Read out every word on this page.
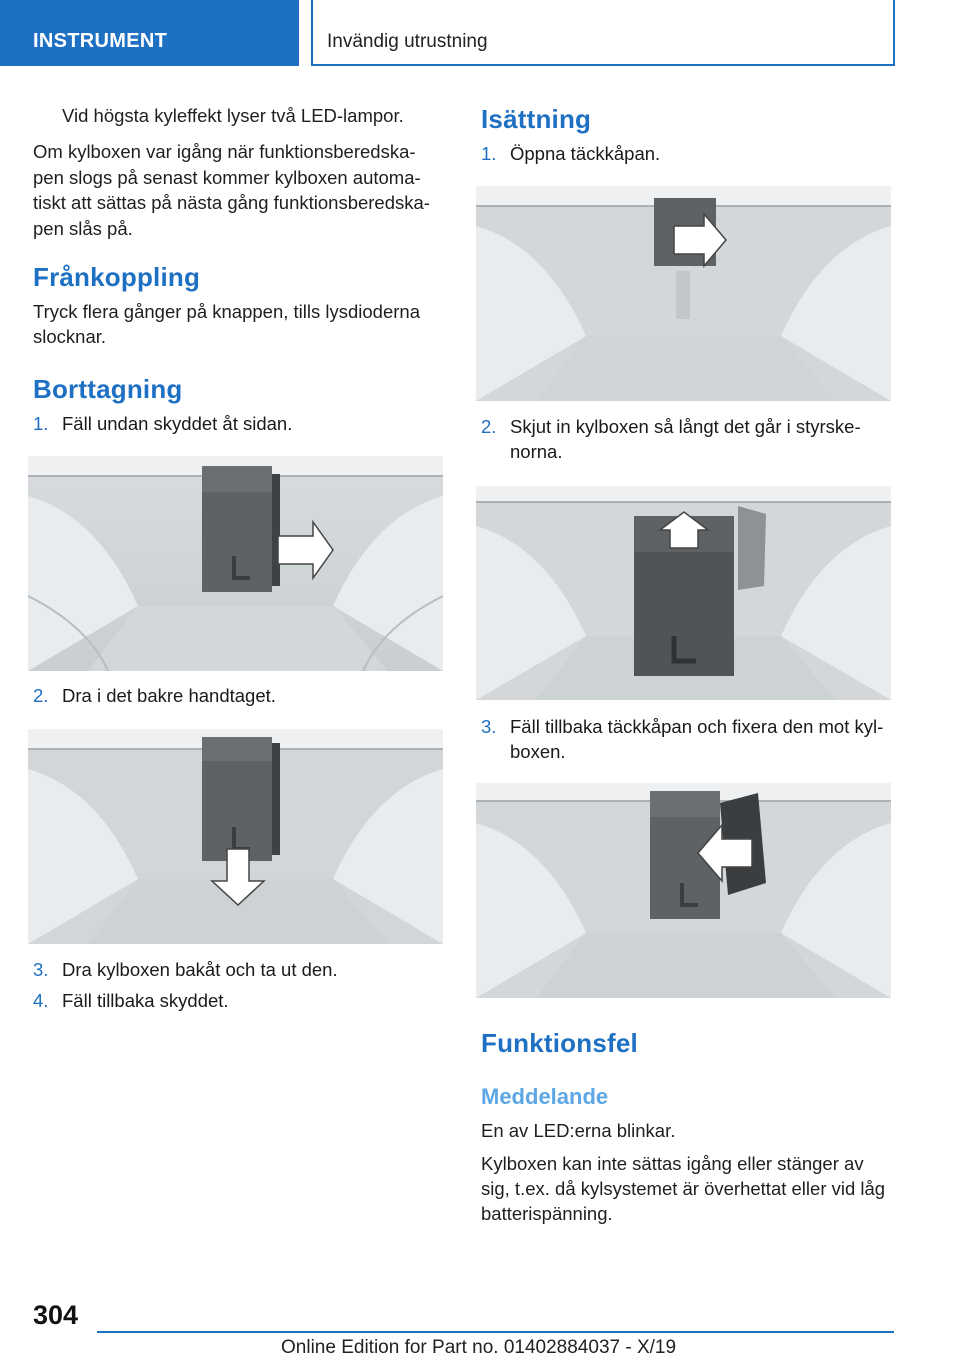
INSTRUMENT	Invändig utrustning
Vid högsta kyleffekt lyser två LED-lampor.
Om kylboxen var igång när funktionsberedska-
pen slogs på senast kommer kylboxen automa-
tiskt att sättas på nästa gång funktionsberedska-
pen slås på.
Frånkoppling
Tryck flera gånger på knappen, tills lysdioderna
slocknar.
Borttagning
1. Fäll undan skyddet åt sidan.
2. Dra i det bakre handtaget.
3. Dra kylboxen bakåt och ta ut den.
4. Fäll tillbaka skyddet.
Isättning
1. Öppna täckkåpan.
2. Skjut in kylboxen så långt det går i styrske-
norna.
3. Fäll tillbaka täckkåpan och fixera den mot kyl-
boxen.
Funktionsfel
Meddelande
En av LED:erna blinkar.
Kylboxen kan inte sättas igång eller stänger av
sig, t.ex. då kylsystemet är överhettat eller vid låg
batterispänning.
304
Online Edition for Part no. 01402884037 - X/19
